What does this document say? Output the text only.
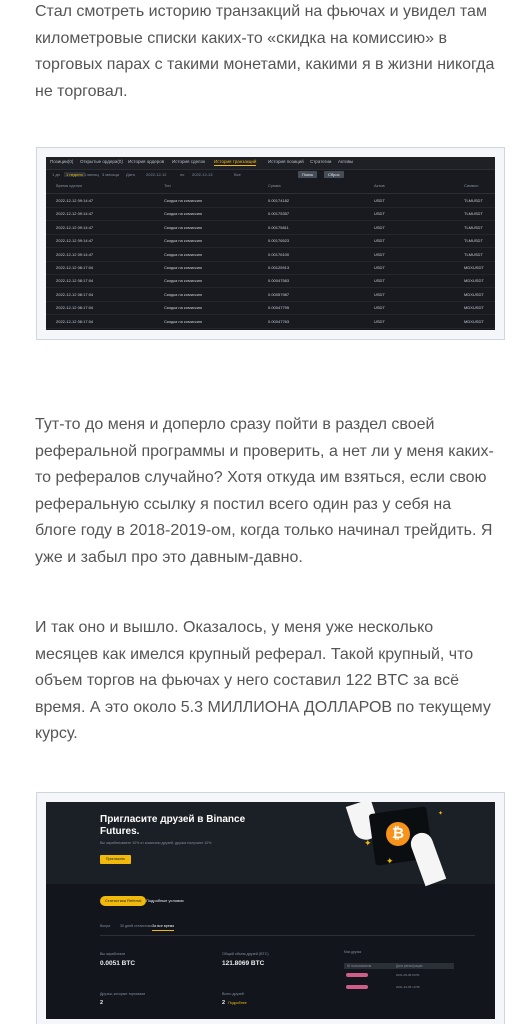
Стал смотреть историю транзакций на фьючах и увидел там километровые списки каких-то «скидка на комиссию» в торговых парах с такими монетами, какими я в жизни никогда не торговал.

Позиции(0) Открытые ордера(0) История ордеров История сделок История транзакций	История позиций Стратегии Активы
1 дн	1 неделя 1 месяц 3 месяца Дата	2022-12-12	по 2022-12-13	Все	Поиск	Сброс
Время сделки	Тип	Сумма	Актив	Символ
2022-12-12 09:14:47	Скидка на комиссию	0.00174182	USDT	TLMUSDT
2022-12-12 09:14:47	Скидка на комиссию	0.00175357	USDT	TLMUSDT
2022-12-12 09:14:47	Скидка на комиссию	0.00175811	USDT	TLMUSDT
2022-12-12 09:14:47	Скидка на комиссию	0.00176523	USDT	TLMUSDT
2022-12-12 09:14:47	Скидка на комиссию	0.00176100	USDT	TLMUSDT
2022-12-12 08:17:04	Скидка на комиссию	0.00125913	USDT	MDXUSDT
2022-12-12 08:17:04	Скидка на комиссию	0.00047583	USDT	MDXUSDT
2022-12-12 08:17:04	Скидка на комиссию	0.00057987	USDT	MDXUSDT
2022-12-12 08:17:04	Скидка на комиссию	0.00047795	USDT	MDXUSDT
2022-12-12 08:17:04	Скидка на комиссию	0.00047763	USDT	MDXUSDT

Тут-то до меня и доперло сразу пойти в раздел своей реферальной программы и проверить, а нет ли у меня каких-то рефералов случайно? Хотя откуда им взяться, если свою реферальную ссылку я постил всего один раз у себя на блоге году в 2018-2019-ом, когда только начинал трейдить. Я уже и забыл про это давным-давно.

И так оно и вышло. Оказалось, у меня уже несколько месяцев как имелся крупный реферал. Такой крупный, что объем торгов на фьючах у него составил 122 BTC за всё время. А это около 5.3 МИЛЛИОНА ДОЛЛАРОВ по текущему курсу.

Пригласите друзей в Binance Futures.
Вы зарабатываете 10% от комиссии друзей, друзья получают 10%
Пригласить сейчас
₿
✦
✦
✦
Статистика Referral	Подробные условия
Вчера	30 дней статистики За все время
Вы заработали
0.0051 BTC
Общий объем друзей (BTC)
121.8069 BTC
Друзья, которые торговали
2
Всего друзей
2 Подробнее
Мои друзья
ID пользователя	Дата регистрации
2021-09-08 03:51
2021-10-05 13:56
